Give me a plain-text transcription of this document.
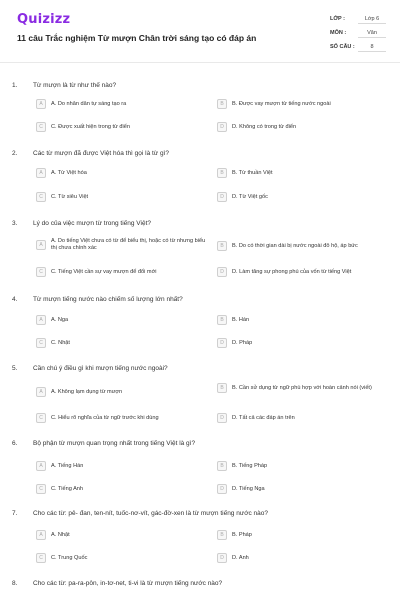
Quizizz
11 câu Trắc nghiệm Từ mượn Chân trời sáng tạo có đáp án
LỚP :	Lớp 6
MÔN :	Văn
SỐ CÂU :	8
1. Từ mượn là từ như thế nào?
A	A. Do nhân dân tự sáng tạo ra	B	B. Được vay mượn từ tiếng nước ngoài
C	C. Được xuất hiện trong từ điển	D	D. Không có trong từ điển
2. Các từ mượn đã được Việt hóa thì gọi là từ gì?
A	A. Từ Việt hóa	B	B. Từ thuần Việt
C	C. Từ siêu Việt	D	D. Từ Việt gốc
3. Lý do của việc mượn từ trong tiếng Việt?
A
A. Do tiếng Việt chưa có từ để biểu thị, hoặc có từ nhưng biểu thị chưa chính xác	B	B. Do có thời gian dài bị nước ngoài đô hộ, áp bức
C	C. Tiếng Việt cần sự vay mượn để đổi mới	D	D. Làm tăng sự phong phú của vốn từ tiếng Việt
4. Từ mượn tiếng nước nào chiếm số lượng lớn nhất?
A	A. Nga	B	B. Hán
C	C. Nhật	D	D. Pháp
5. Cần chú ý điều gì khi mượn tiếng nước ngoài?
A	A. Không lạm dụng từ mượn
B	B. Cần sử dụng từ ngữ phù hợp với hoàn cảnh nói (viết)
C	C. Hiểu rõ nghĩa của từ ngữ trước khi dùng	D	D. Tất cả các đáp án trên
6. Bộ phận từ mượn quan trọng nhất trong tiếng Việt là gì?
A	A. Tiếng Hán	B	B. Tiếng Pháp
C	C. Tiếng Anh	D	D. Tiếng Nga
7. Cho các từ: pê- đan, ten-nít, tuốc-nơ-vít, gác-đờ-xen là từ mượn tiếng nước nào?
A	A. Nhật	B	B. Pháp
C	C. Trung Quốc	D	D. Anh
8. Cho các từ: pa-ra-pôn, in-tơ-net, ti-vi là từ mượn tiếng nước nào?
